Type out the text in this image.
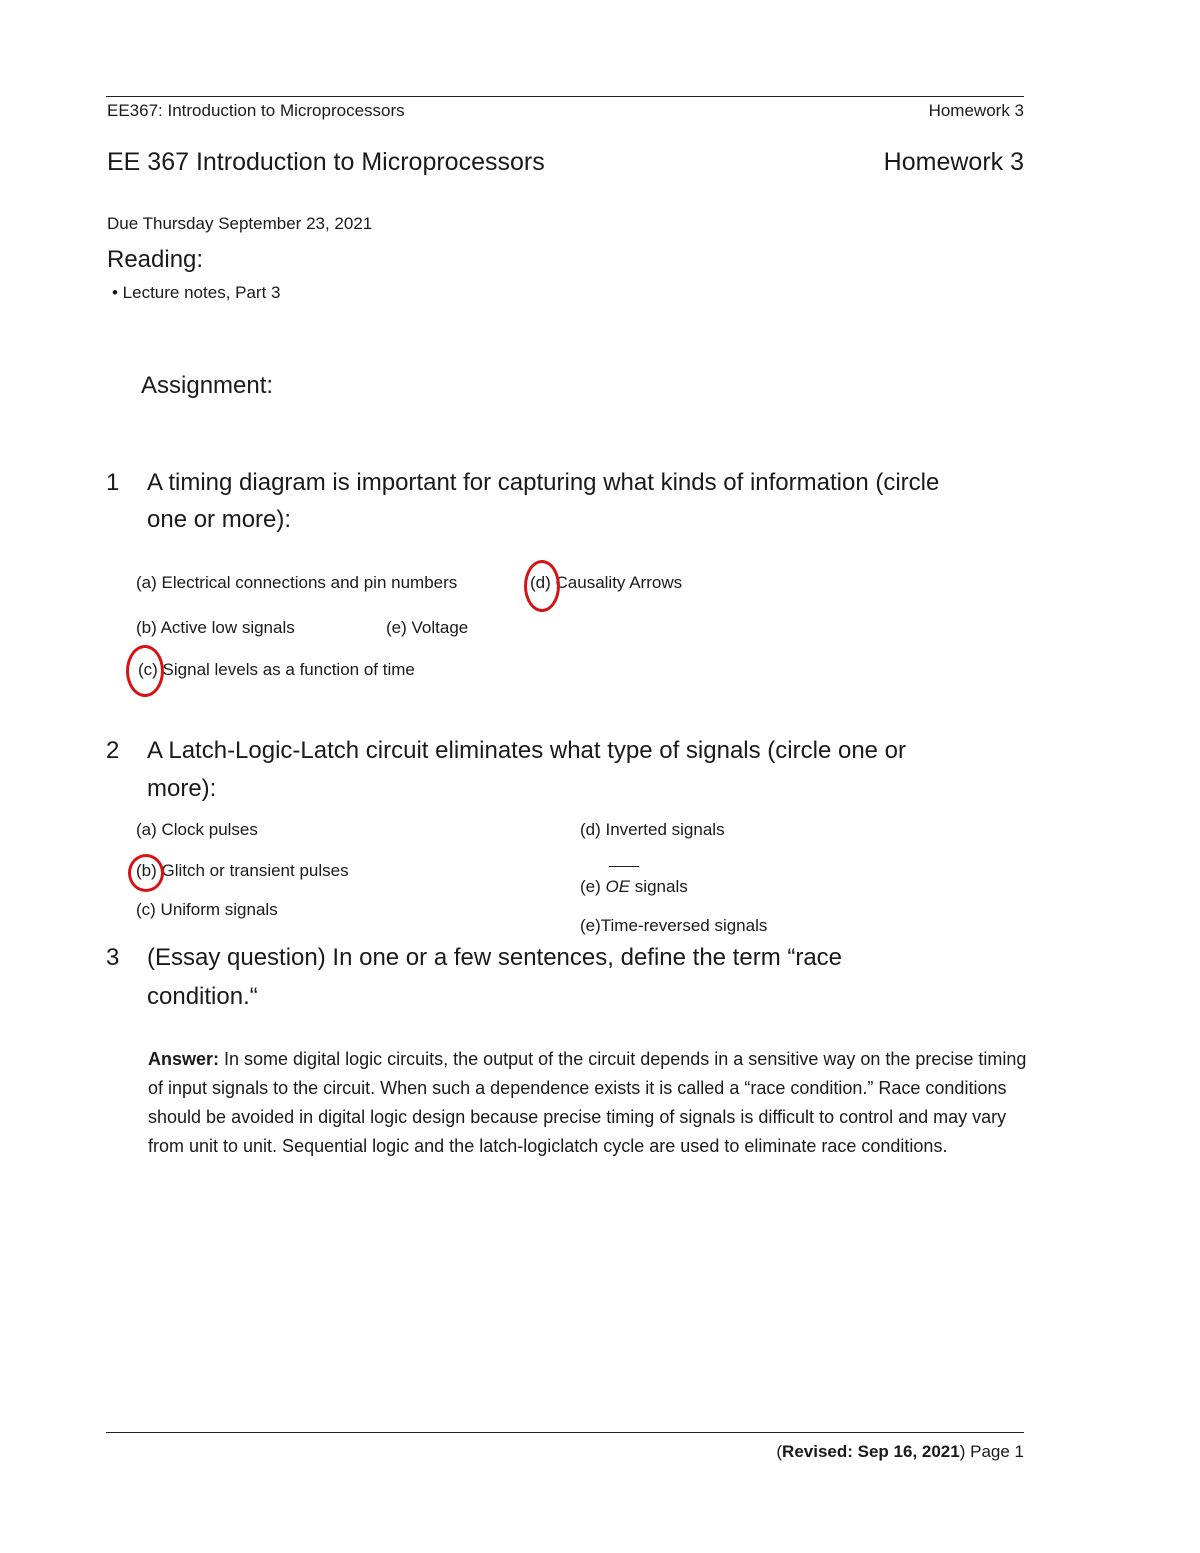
EE367: Introduction to Microprocessors	Homework 3
EE 367 Introduction to Microprocessors	Homework 3
Due Thursday September 23, 2021
Reading:
• Lecture notes, Part 3
Assignment:
1 A timing diagram is important for capturing what kinds of information (circle
one or more):
(a) Electrical connections and pin numbers	(d) Causality Arrows
(b) Active low signals	(e) Voltage
(c) Signal levels as a function of time
2 A Latch-Logic-Latch circuit eliminates what type of signals (circle one or
more):
(a) Clock pulses	(d) Inverted signals
(b) Glitch or transient pulses
(e) OE signals
(c) Uniform signals
(e)Time-reversed signals
3 (Essay question) In one or a few sentences, define the term “race
condition.“
Answer: In some digital logic circuits, the output of the circuit depends in a sensitive way on the precise timing of input signals to the circuit. When such a dependence exists it is called a “race condition.” Race conditions should be avoided in digital logic design because precise timing of signals is difficult to control and may vary from unit to unit. Sequential logic and the latch-logiclatch cycle are used to eliminate race conditions.
(Revised: Sep 16, 2021) Page 1
